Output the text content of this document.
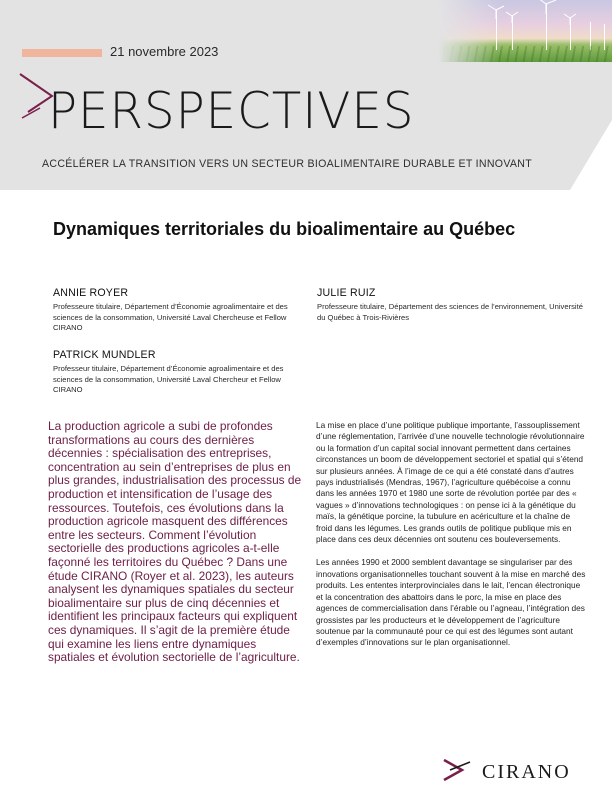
21 novembre 2023
PERSPECTIVES
ACCÉLÉRER LA TRANSITION VERS UN SECTEUR BIOALIMENTAIRE DURABLE ET INNOVANT
Dynamiques territoriales du bioalimentaire au Québec
ANNIE ROYER
Professeure titulaire, Département d’Économie agroalimentaire et des sciences de la consommation, Université Laval Chercheuse et Fellow CIRANO
JULIE RUIZ
Professeure titulaire, Département des sciences de l’environnement, Université du Québec à Trois-Rivières
PATRICK MUNDLER
Professeur titulaire, Département d’Économie agroalimentaire et des sciences de la consommation, Université Laval Chercheur et Fellow CIRANO
La production agricole a subi de profondes transformations au cours des dernières décennies : spécialisation des entreprises, concentration au sein d’entreprises de plus en plus grandes, industrialisation des processus de production et intensification de l’usage des ressources. Toutefois, ces évolutions dans la production agricole masquent des différences entre les secteurs. Comment l’évolution sectorielle des productions agricoles a-t-elle façonné les territoires du Québec ? Dans une étude CIRANO (Royer et al. 2023), les auteurs analysent les dynamiques spatiales du secteur bioalimentaire sur plus de cinq décennies et identifient les principaux facteurs qui expliquent ces dynamiques. Il s’agit de la première étude qui examine les liens entre dynamiques spatiales et évolution sectorielle de l’agriculture.

La mise en place d’une politique publique importante, l’assouplissement d’une réglementation, l’arrivée d’une nouvelle technologie révolutionnaire ou la formation d’un capital social innovant permettent dans certaines circonstances un boom de développement sectoriel et spatial qui s’étend sur plusieurs années. À l’image de ce qui a été constaté dans d’autres pays industrialisés (Mendras, 1967), l’agriculture québécoise a connu dans les années 1970 et 1980 une sorte de révolution portée par des « vagues » d’innovations technologiques : on pense ici à la génétique du maïs, la génétique porcine, la tubulure en acériculture et la chaîne de froid dans les légumes. Les grands outils de politique publique mis en place dans ces deux décennies ont soutenu ces bouleversements.

Les années 1990 et 2000 semblent davantage se singulariser par des innovations organisationnelles touchant souvent à la mise en marché des produits. Les ententes interprovinciales dans le lait, l’encan électronique et la concentration des abattoirs dans le porc, la mise en place des agences de commercialisation dans l’érable ou l’agneau, l’intégration des grossistes par les producteurs et le développement de l’agriculture soutenue par la communauté pour ce qui est des légumes sont autant d’exemples d’innovations sur le plan organisationnel.

CIRANO
